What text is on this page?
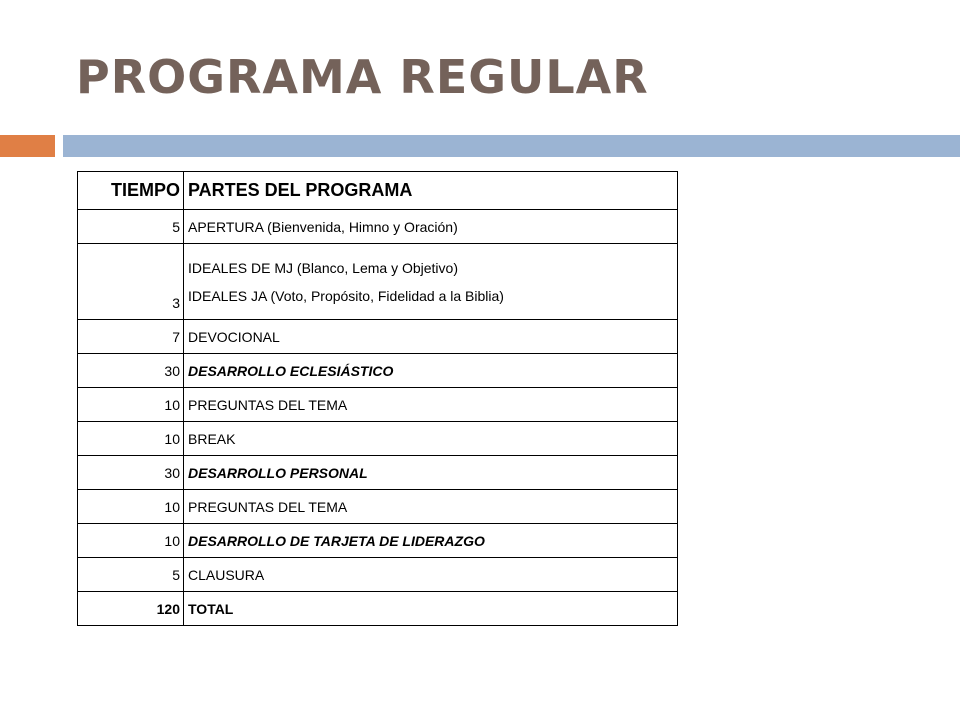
PROGRAMA REGULAR
TIEMPO	PARTES DEL PROGRAMA
5	APERTURA (Bienvenida, Himno y Oración)
3	IDEALES DE MJ (Blanco, Lema y Objetivo)
IDEALES JA (Voto, Propósito, Fidelidad a la Biblia)

7	DEVOCIONAL
30	DESARROLLO ECLESIÁSTICO
10	PREGUNTAS DEL TEMA
10	BREAK
30	DESARROLLO PERSONAL
10	PREGUNTAS DEL TEMA
10	DESARROLLO DE TARJETA DE LIDERAZGO
5	CLAUSURA
120	TOTAL
